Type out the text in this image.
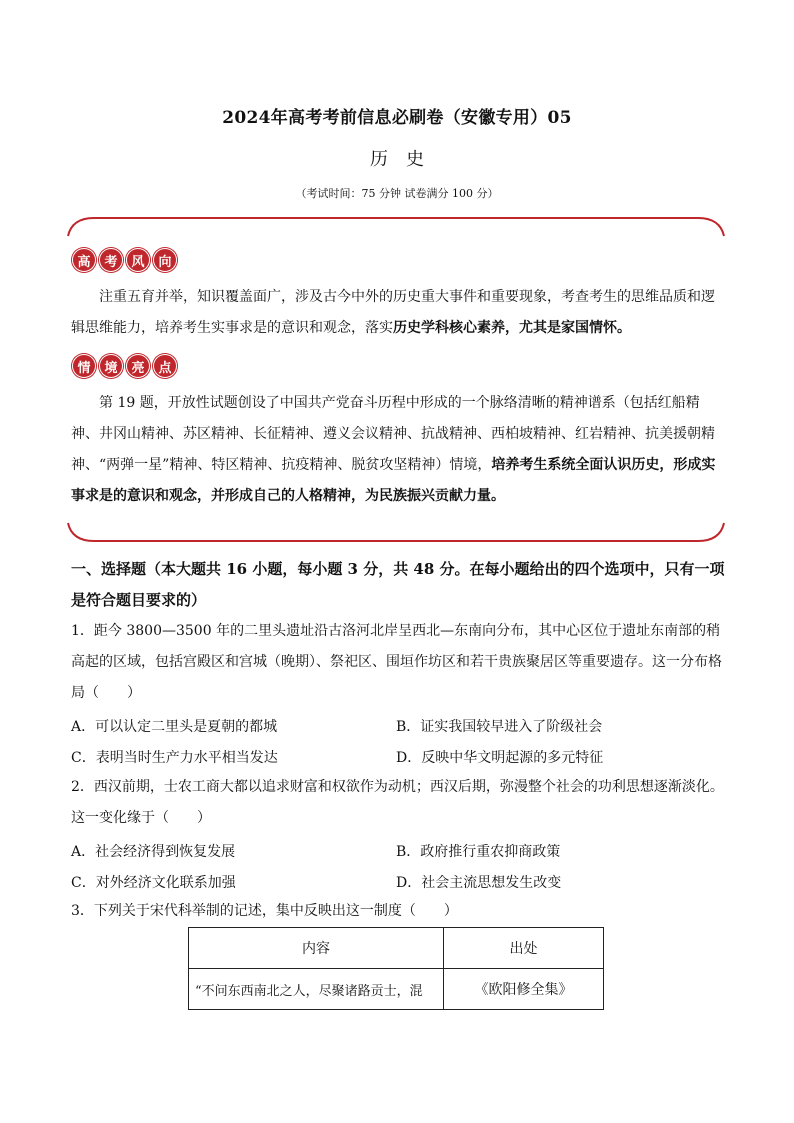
2024年高考考前信息必刷卷（安徽专用）05
历史
（考试时间：75 分钟 试卷满分 100 分）
高	考	风	向
注重五育并举，知识覆盖面广，涉及古今中外的历史重大事件和重要现象，考查考生的思维品质和逻辑思维能力，培养考生实事求是的意识和观念，落实历史学科核心素养，尤其是家国情怀。
情	境	亮	点
第 19 题，开放性试题创设了中国共产党奋斗历程中形成的一个脉络清晰的精神谱系（包括红船精神、井冈山精神、苏区精神、长征精神、遵义会议精神、抗战精神、西柏坡精神、红岩精神、抗美援朝精神、“两弹一星”精神、特区精神、抗疫精神、脱贫攻坚精神）情境，培养考生系统全面认识历史，形成实事求是的意识和观念，并形成自己的人格精神，为民族振兴贡献力量。
一、选择题（本大题共 16 小题，每小题 3 分，共 48 分。在每小题给出的四个选项中，只有一项是符合题目要求的）
1．距今 3800—3500 年的二里头遗址沿古洛河北岸呈西北—东南向分布，其中心区位于遗址东南部的稍高起的区域，包括宫殿区和宫城（晚期）、祭祀区、围垣作坊区和若干贵族聚居区等重要遗存。这一分布格局（　　）
A．可以认定二里头是夏朝的都城	B．证实我国较早进入了阶级社会
C．表明当时生产力水平相当发达	D．反映中华文明起源的多元特征
2．西汉前期，士农工商大都以追求财富和权欲作为动机；西汉后期，弥漫整个社会的功利思想逐渐淡化。这一变化缘于（　　）
A．社会经济得到恢复发展	B．政府推行重农抑商政策
C．对外经济文化联系加强	D．社会主流思想发生改变
3．下列关于宋代科举制的记述，集中反映出这一制度（　　）
内容	出处
“不问东西南北之人，尽聚诸路贡士，混	《欧阳修全集》
